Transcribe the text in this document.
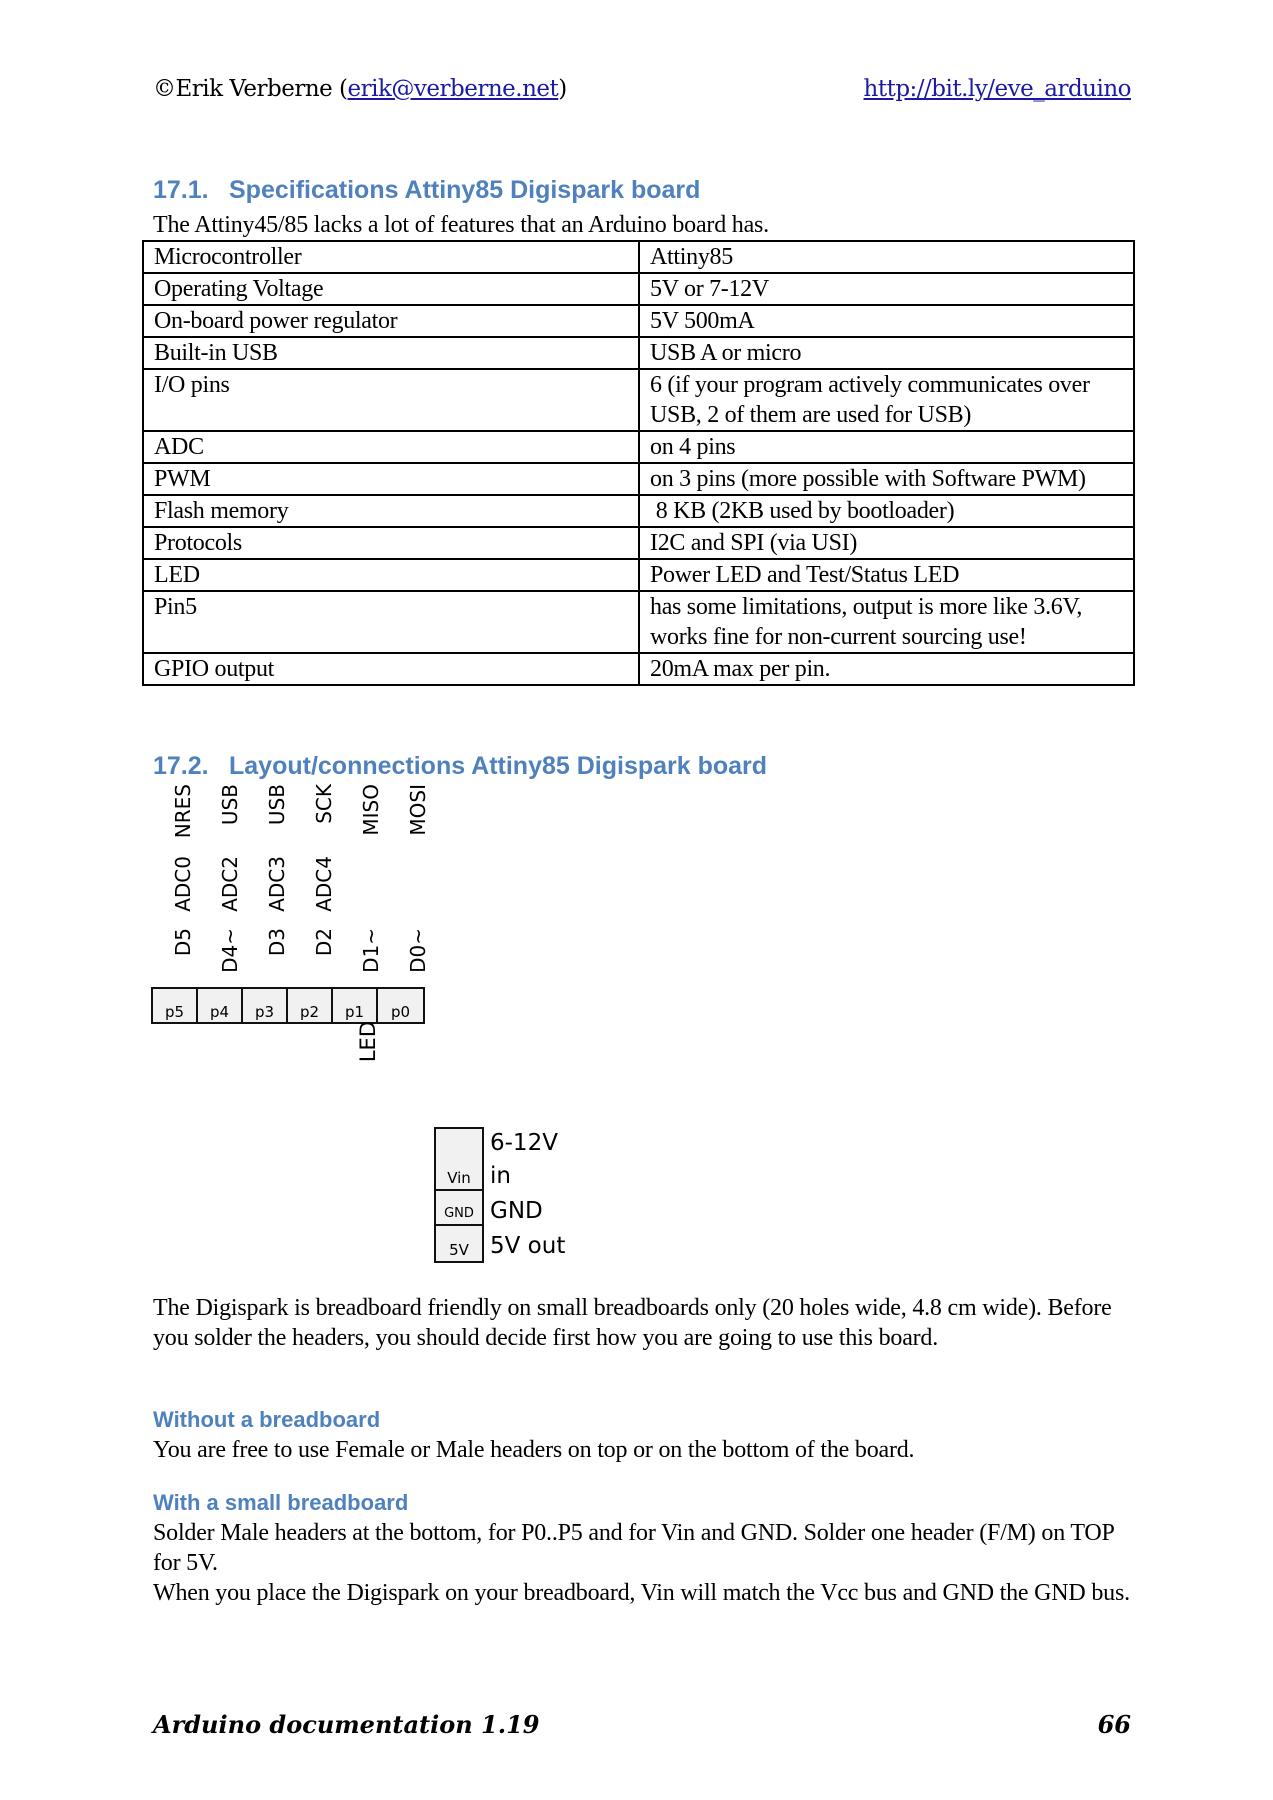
©Erik Verberne (erik@verberne.net)	http://bit.ly/eve_arduino
17.1. Specifications Attiny85 Digispark board
The Attiny45/85 lacks a lot of features that an Arduino board has.
Microcontroller	Attiny85
Operating Voltage	5V or 7-12V
On-board power regulator	5V 500mA
Built-in USB	USB A or micro
I/O pins	6 (if your program actively communicates over USB, 2 of them are used for USB)
ADC	on 4 pins
PWM	on 3 pins (more possible with Software PWM)
Flash memory	8 KB (2KB used by bootloader)
Protocols	I2C and SPI (via USI)
LED	Power LED and Test/Status LED
Pin5	has some limitations, output is more like 3.6V, works fine for non-current sourcing use!
GPIO output	20mA max per pin.
17.2. Layout/connections Attiny85 Digispark board
NRES USB USB SCK MISO MOSI
ADC0 ADC2 ADC3 ADC4
D5 D4~ D3 D2 D1~ D0~
p5	p4	p3	p2	p1	p0
LED
Vin
GND
5V
6-12V
in
GND
5V out
The Digispark is breadboard friendly on small breadboards only (20 holes wide, 4.8 cm wide). Before you solder the headers, you should decide first how you are going to use this board.
Without a breadboard
You are free to use Female or Male headers on top or on the bottom of the board.
With a small breadboard
Solder Male headers at the bottom, for P0..P5 and for Vin and GND. Solder one header (F/M) on TOP for 5V.
When you place the Digispark on your breadboard, Vin will match the Vcc bus and GND the GND bus.
Arduino documentation 1.19	66
